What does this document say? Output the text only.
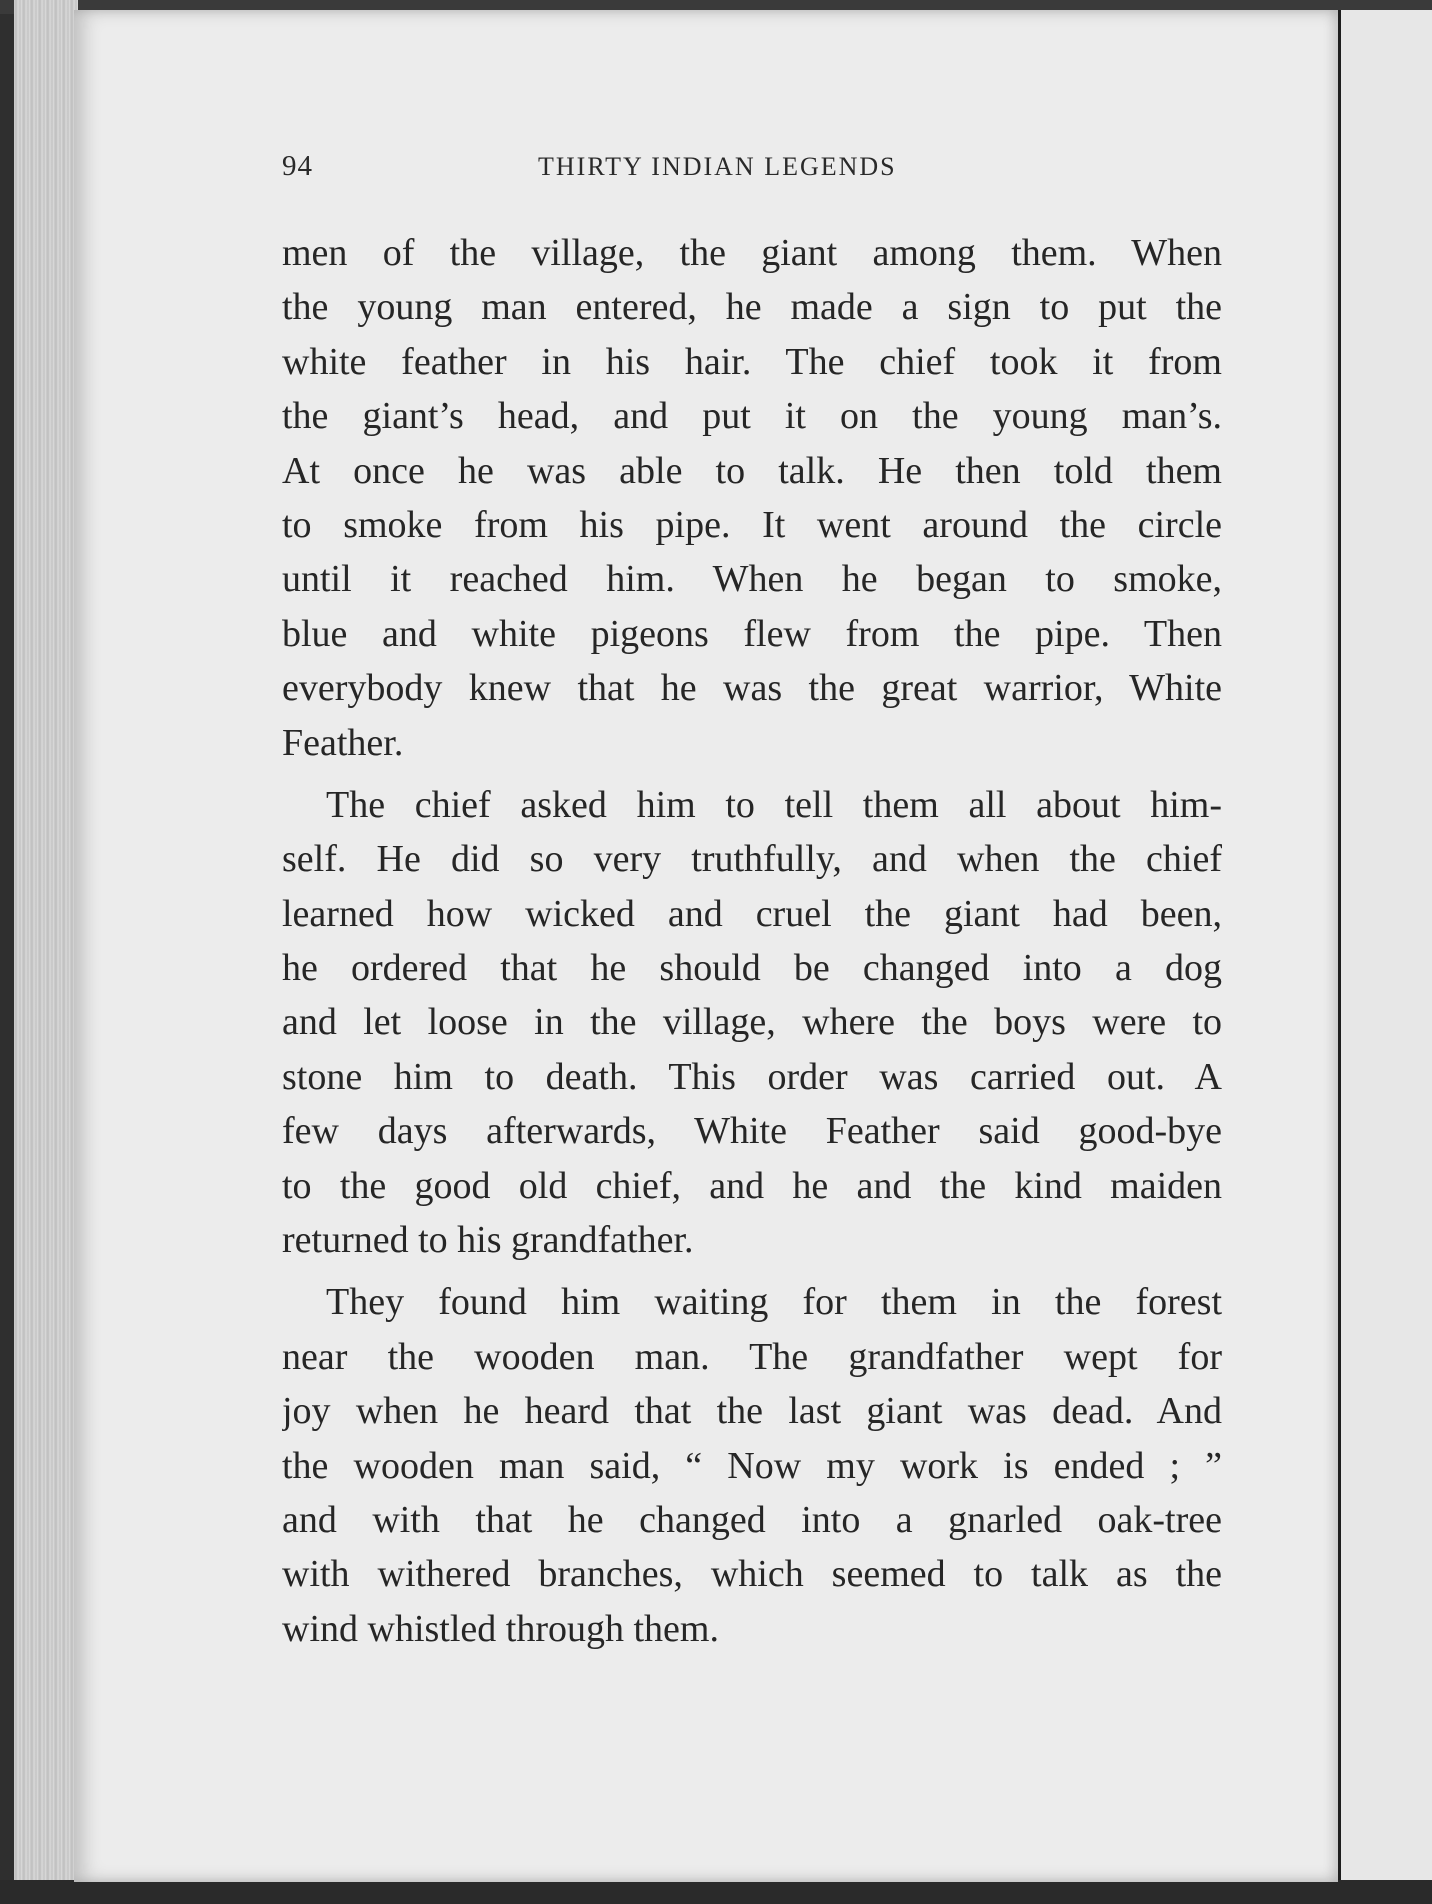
94	THIRTY INDIAN LEGENDS
men of the village, the giant among them. When
the young man entered, he made a sign to put the
white feather in his hair. The chief took it from
the giant’s head, and put it on the young man’s.
At once he was able to talk. He then told them
to smoke from his pipe. It went around the circle
until it reached him. When he began to smoke,
blue and white pigeons flew from the pipe. Then
everybody knew that he was the great warrior, White
Feather.
The chief asked him to tell them all about him-
self. He did so very truthfully, and when the chief
learned how wicked and cruel the giant had been,
he ordered that he should be changed into a dog
and let loose in the village, where the boys were to
stone him to death. This order was carried out. A
few days afterwards, White Feather said good-bye
to the good old chief, and he and the kind maiden
returned to his grandfather.
They found him waiting for them in the forest
near the wooden man. The grandfather wept for
joy when he heard that the last giant was dead. And
the wooden man said, “ Now my work is ended ; ”
and with that he changed into a gnarled oak-tree
with withered branches, which seemed to talk as the
wind whistled through them.
